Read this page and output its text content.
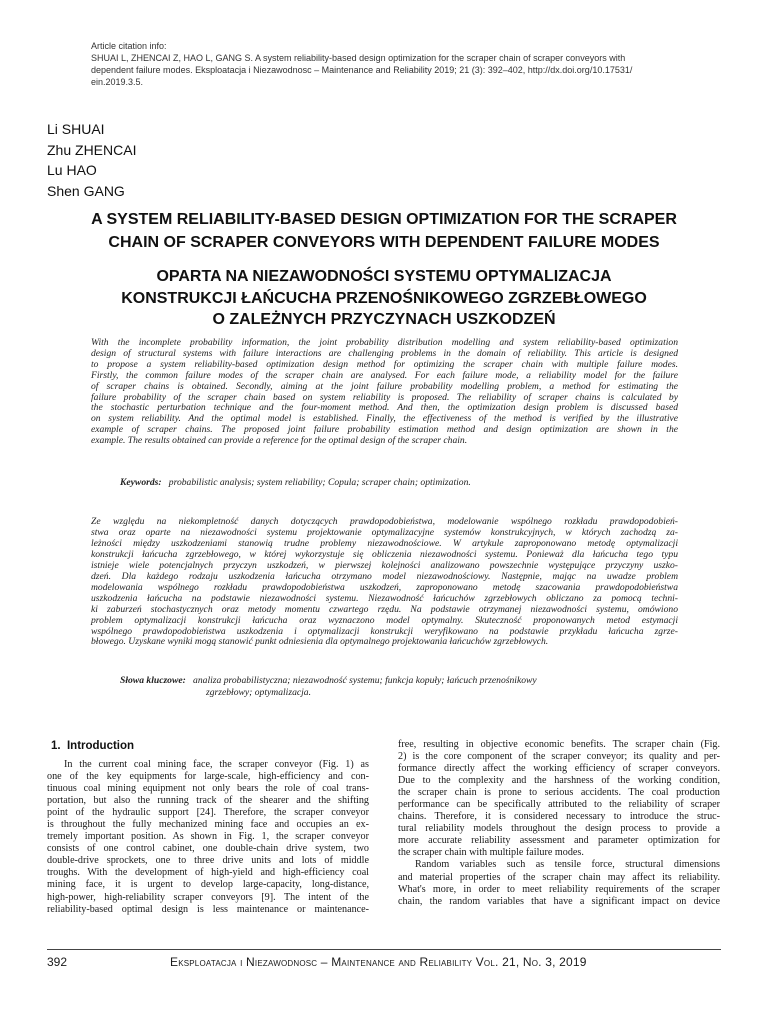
Article citation info:
SHUAI L, ZHENCAI Z, HAO L, GANG S. A system reliability-based design optimization for the scraper chain of scraper conveyors with
dependent failure modes. Eksploatacja i Niezawodnosc – Maintenance and Reliability 2019; 21 (3): 392–402, http://dx.doi.org/10.17531/
ein.2019.3.5.
Li SHUAI
Zhu ZHENCAI
Lu HAO
Shen GANG
A SYSTEM RELIABILITY-BASED DESIGN OPTIMIZATION FOR THE SCRAPER
CHAIN OF SCRAPER CONVEYORS WITH DEPENDENT FAILURE MODES
OPARTA NA NIEZAWODNOŚCI SYSTEMU OPTYMALIZACJA
KONSTRUKCJI ŁAŃCUCHA PRZENOŚNIKOWEGO ZGRZEBŁOWEGO
O ZALEŻNYCH PRZYCZYNACH USZKODZEŃ
With the incomplete probability information, the joint probability distribution modelling and system reliability-based optimization
design of structural systems with failure interactions are challenging problems in the domain of reliability. This article is designed
to propose a system reliability-based optimization design method for optimizing the scraper chain with multiple failure modes.
Firstly, the common failure modes of the scraper chain are analysed. For each failure mode, a reliability model for the failure
of scraper chains is obtained. Secondly, aiming at the joint failure probability modelling problem, a method for estimating the
failure probability of the scraper chain based on system reliability is proposed. The reliability of scraper chains is calculated by
the stochastic perturbation technique and the four-moment method. And then, the optimization design problem is discussed based
on system reliability. And the optimal model is established. Finally, the effectiveness of the method is verified by the illustrative
example of scraper chains. The proposed joint failure probability estimation method and design optimization are shown in the
example. The results obtained can provide a reference for the optimal design of the scraper chain.
Keywords: probabilistic analysis; system reliability; Copula; scraper chain; optimization.
Ze względu na niekompletność danych dotyczących prawdopodobieństwa, modelowanie wspólnego rozkładu prawdopodobień-
stwa oraz oparte na niezawodności systemu projektowanie optymalizacyjne systemów konstrukcyjnych, w których zachodzą za-
leżności między uszkodzeniami stanowią trudne problemy niezawodnościowe. W artykule zaproponowano metodę optymalizacji
konstrukcji łańcucha zgrzebłowego, w której wykorzystuje się obliczenia niezawodności systemu. Ponieważ dla łańcucha tego typu
istnieje wiele potencjalnych przyczyn uszkodzeń, w pierwszej kolejności analizowano powszechnie występujące przyczyny uszko-
dzeń. Dla każdego rodzaju uszkodzenia łańcucha otrzymano model niezawodnościowy. Następnie, mając na uwadze problem
modelowania wspólnego rozkładu prawdopodobieństwa uszkodzeń, zaproponowano metodę szacowania prawdopodobieństwa
uszkodzenia łańcucha na podstawie niezawodności systemu. Niezawodność łańcuchów zgrzebłowych obliczano za pomocą techni-
ki zaburzeń stochastycznych oraz metody momentu czwartego rzędu. Na podstawie otrzymanej niezawodności systemu, omówiono
problem optymalizacji konstrukcji łańcucha oraz wyznaczono model optymalny. Skuteczność proponowanych metod estymacji
wspólnego prawdopodobieństwa uszkodzenia i optymalizacji konstrukcji weryfikowano na podstawie przykładu łańcucha zgrze-
błowego. Uzyskane wyniki mogą stanowić punkt odniesienia dla optymalnego projektowania łańcuchów zgrzebłowych.
Słowa kluczowe: analiza probabilistyczna; niezawodność systemu; funkcja kopuły; łańcuch przenośnikowy
zgrzebłowy; optymalizacja.
1. Introduction
In the current coal mining face, the scraper conveyor (Fig. 1) as
one of the key equipments for large-scale, high-efficiency and con-
tinuous coal mining equipment not only bears the role of coal trans-
portation, but also the running track of the shearer and the shifting
point of the hydraulic support [24]. Therefore, the scraper conveyor
is throughout the fully mechanized mining face and occupies an ex-
tremely important position. As shown in Fig. 1, the scraper conveyor
consists of one control cabinet, one double-chain drive system, two
double-drive sprockets, one to three drive units and lots of middle
troughs. With the development of high-yield and high-efficiency coal
mining face, it is urgent to develop large-capacity, long-distance,
high-power, high-reliability scraper conveyors [9]. The intent of the
reliability-based optimal design is less maintenance or maintenance-
free, resulting in objective economic benefits. The scraper chain (Fig.
2) is the core component of the scraper conveyor; its quality and per-
formance directly affect the working efficiency of scraper conveyors.
Due to the complexity and the harshness of the working condition,
the scraper chain is prone to serious accidents. The coal production
performance can be specifically attributed to the reliability of scraper
chains. Therefore, it is considered necessary to introduce the struc-
tural reliability models throughout the design process to provide a
more accurate reliability assessment and parameter optimization for
the scraper chain with multiple failure modes.
Random variables such as tensile force, structural dimensions
and material properties of the scraper chain may affect its reliability.
What's more, in order to meet reliability requirements of the scraper
chain, the random variables that have a significant impact on device
392	Eksploatacja i Niezawodnosc – Maintenance and Reliability Vol. 21, No. 3, 2019
